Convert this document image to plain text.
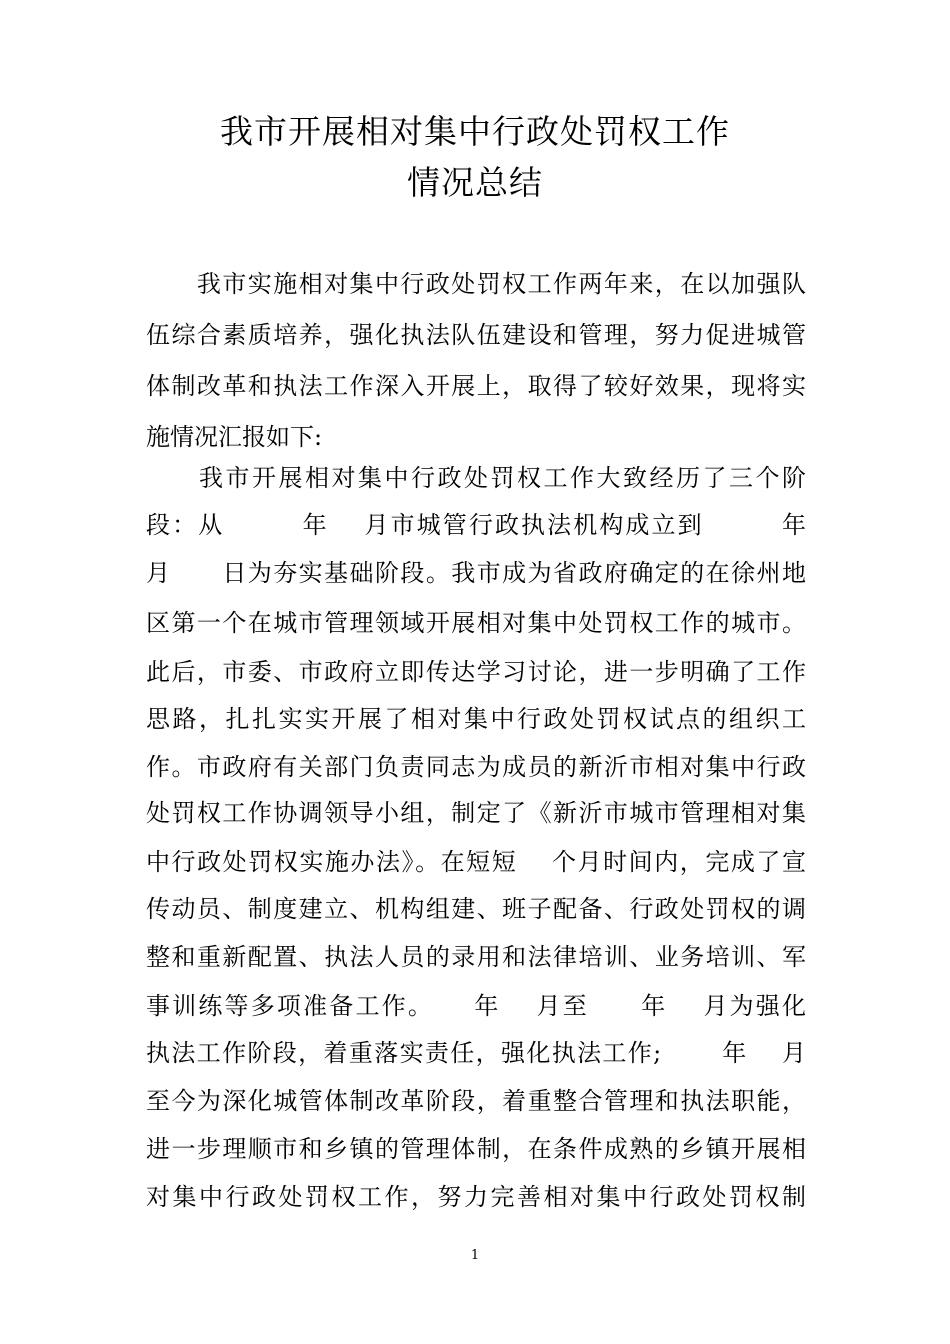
我市开展相对集中行政处罚权工作
情况总结
　　我市实施相对集中行政处罚权工作两年来，在以加强队
伍综合素质培养，强化执法队伍建设和管理，努力促进城管
体制改革和执法工作深入开展上，取得了较好效果，现将实
施情况汇报如下:
　　我市开展相对集中行政处罚权工作大致经历了三个阶
段：从　　　年　 月市城管行政执法机构成立到　　　年
月　　日为夯实基础阶段。我市成为省政府确定的在徐州地
区第一个在城市管理领域开展相对集中处罚权工作的城市。
此后，市委、市政府立即传达学习讨论，进一步明确了工作
思路，扎扎实实开展了相对集中行政处罚权试点的组织工
作。市政府有关部门负责同志为成员的新沂市相对集中行政
处罚权工作协调领导小组，制定了《新沂市城市管理相对集
中行政处罚权实施办法》。在短短　 个月时间内，完成了宣
传动员、制度建立、机构组建、班子配备、行政处罚权的调
整和重新配置、执法人员的录用和法律培训、业务培训、军
事训练等多项准备工作。　　年　 月至　　年　 月为强化
执法工作阶段，着重落实责任，强化执法工作;　　 年　 月
至今为深化城管体制改革阶段，着重整合管理和执法职能，
进一步理顺市和乡镇的管理体制，在条件成熟的乡镇开展相
对集中行政处罚权工作，努力完善相对集中行政处罚权制
1
